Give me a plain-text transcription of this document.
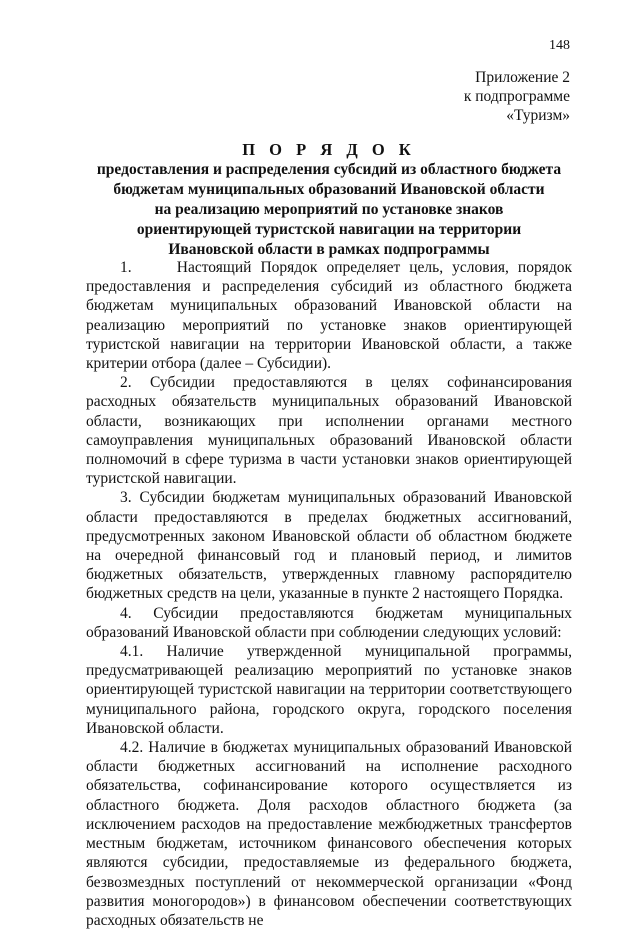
148
Приложение 2
к подпрограмме
«Туризм»
П О Р Я Д О К
предоставления и распределения субсидий из областного бюджета
бюджетам муниципальных образований Ивановской области
на реализацию мероприятий по установке знаков
ориентирующей туристской навигации на территории
Ивановской области в рамках подпрограммы

1.     Настоящий Порядок определяет цель, условия, порядок предоставления и распределения субсидий из областного бюджета бюджетам муниципальных образований Ивановской области на реализацию мероприятий по установке знаков ориентирующей туристской навигации на территории Ивановской области, а также критерии отбора (далее – Субсидии).

2. Субсидии предоставляются в целях софинансирования расходных обязательств муниципальных образований Ивановской области, возникающих при исполнении органами местного самоуправления муниципальных образований Ивановской области полномочий в сфере туризма в части установки знаков ориентирующей туристской навигации.

3. Субсидии бюджетам муниципальных образований Ивановской области предоставляются в пределах бюджетных ассигнований, предусмотренных законом Ивановской области об областном бюджете на очередной финансовый год и плановый период, и лимитов бюджетных обязательств, утвержденных главному распорядителю бюджетных средств на цели, указанные в пункте 2 настоящего Порядка.

4. Субсидии предоставляются бюджетам муниципальных образований Ивановской области при соблюдении следующих условий:

4.1. Наличие утвержденной муниципальной программы, предусматривающей реализацию мероприятий по установке знаков ориентирующей туристской навигации на территории соответствующего муниципального района, городского округа, городского поселения Ивановской области.

4.2. Наличие в бюджетах муниципальных образований Ивановской области бюджетных ассигнований на исполнение расходного обязательства, софинансирование которого осуществляется из областного бюджета. Доля расходов областного бюджета (за исключением расходов на предоставление межбюджетных трансфертов местным бюджетам, источником финансового обеспечения которых являются субсидии, предоставляемые из федерального бюджета, безвозмездных поступлений от некоммерческой организации «Фонд развития моногородов») в финансовом обеспечении соответствующих расходных обязательств не
